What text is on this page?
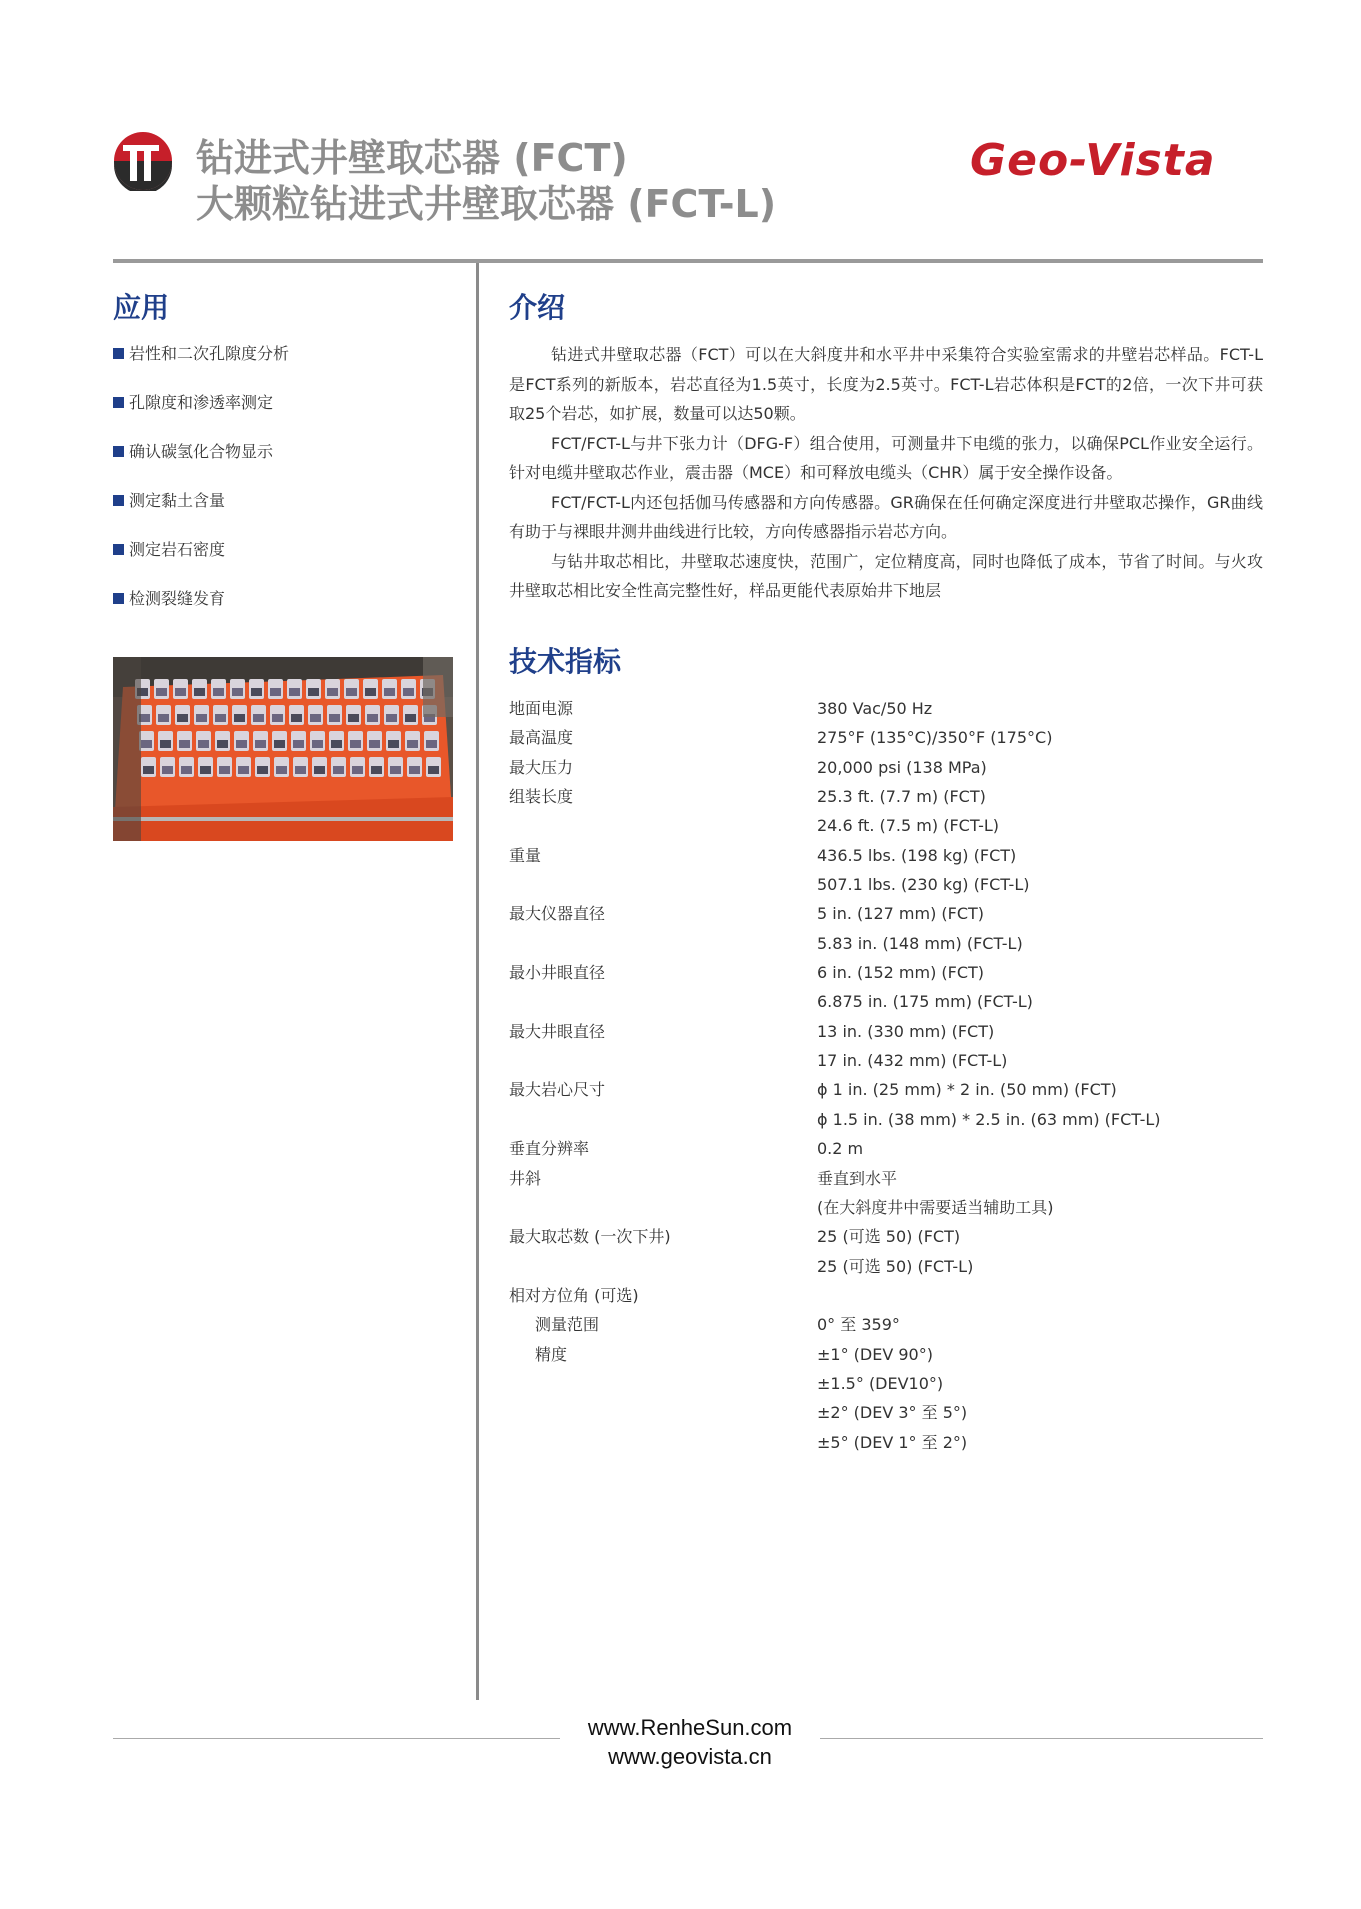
钻进式井壁取芯器 (FCT)
大颗粒钻进式井壁取芯器 (FCT-L)
Geo-Vista
应用
岩性和二次孔隙度分析
孔隙度和渗透率测定
确认碳氢化合物显示
测定黏土含量
测定岩石密度
检测裂缝发育
介绍

钻进式井壁取芯器（FCT）可以在大斜度井和水平井中采集符合实验室需求的井壁岩芯样品。FCT-L是FCT系列的新版本，岩芯直径为1.5英寸，长度为2.5英寸。FCT-L岩芯体积是FCT的2倍，一次下井可获取25个岩芯，如扩展，数量可以达50颗。

FCT/FCT-L与井下张力计（DFG-F）组合使用，可测量井下电缆的张力，以确保PCL作业安全运行。针对电缆井壁取芯作业，震击器（MCE）和可释放电缆头（CHR）属于安全操作设备。

FCT/FCT-L内还包括伽马传感器和方向传感器。GR确保在任何确定深度进行井壁取芯操作，GR曲线有助于与裸眼井测井曲线进行比较，方向传感器指示岩芯方向。

与钻井取芯相比，井壁取芯速度快，范围广，定位精度高，同时也降低了成本，节省了时间。与火攻井壁取芯相比安全性高完整性好，样品更能代表原始井下地层

技术指标
地面电源	380 Vac/50 Hz
最高温度	275°F (135°C)/350°F (175°C)
最大压力	20,000 psi (138 MPa)
组装长度	25.3 ft. (7.7 m) (FCT)
24.6 ft. (7.5 m) (FCT-L)
重量	436.5 lbs. (198 kg) (FCT)
507.1 lbs. (230 kg) (FCT-L)
最大仪器直径	5 in. (127 mm) (FCT)
5.83 in. (148 mm) (FCT-L)
最小井眼直径	6 in. (152 mm) (FCT)
6.875 in. (175 mm) (FCT-L)
最大井眼直径	13 in. (330 mm) (FCT)
17 in. (432 mm) (FCT-L)
最大岩心尺寸	ϕ 1 in. (25 mm) * 2 in. (50 mm) (FCT)
ϕ 1.5 in. (38 mm) * 2.5 in. (63 mm) (FCT-L)
垂直分辨率	0.2 m
井斜	垂直到水平
(在大斜度井中需要适当辅助工具)
最大取芯数 (一次下井)	25 (可选 50) (FCT)
25 (可选 50) (FCT-L)
相对方位角 (可选)
测量范围	0° 至 359°
精度	±1° (DEV 90°)
±1.5° (DEV10°)
±2° (DEV 3° 至 5°)
±5° (DEV 1° 至 2°)
www.RenheSun.com
www.geovista.cn
